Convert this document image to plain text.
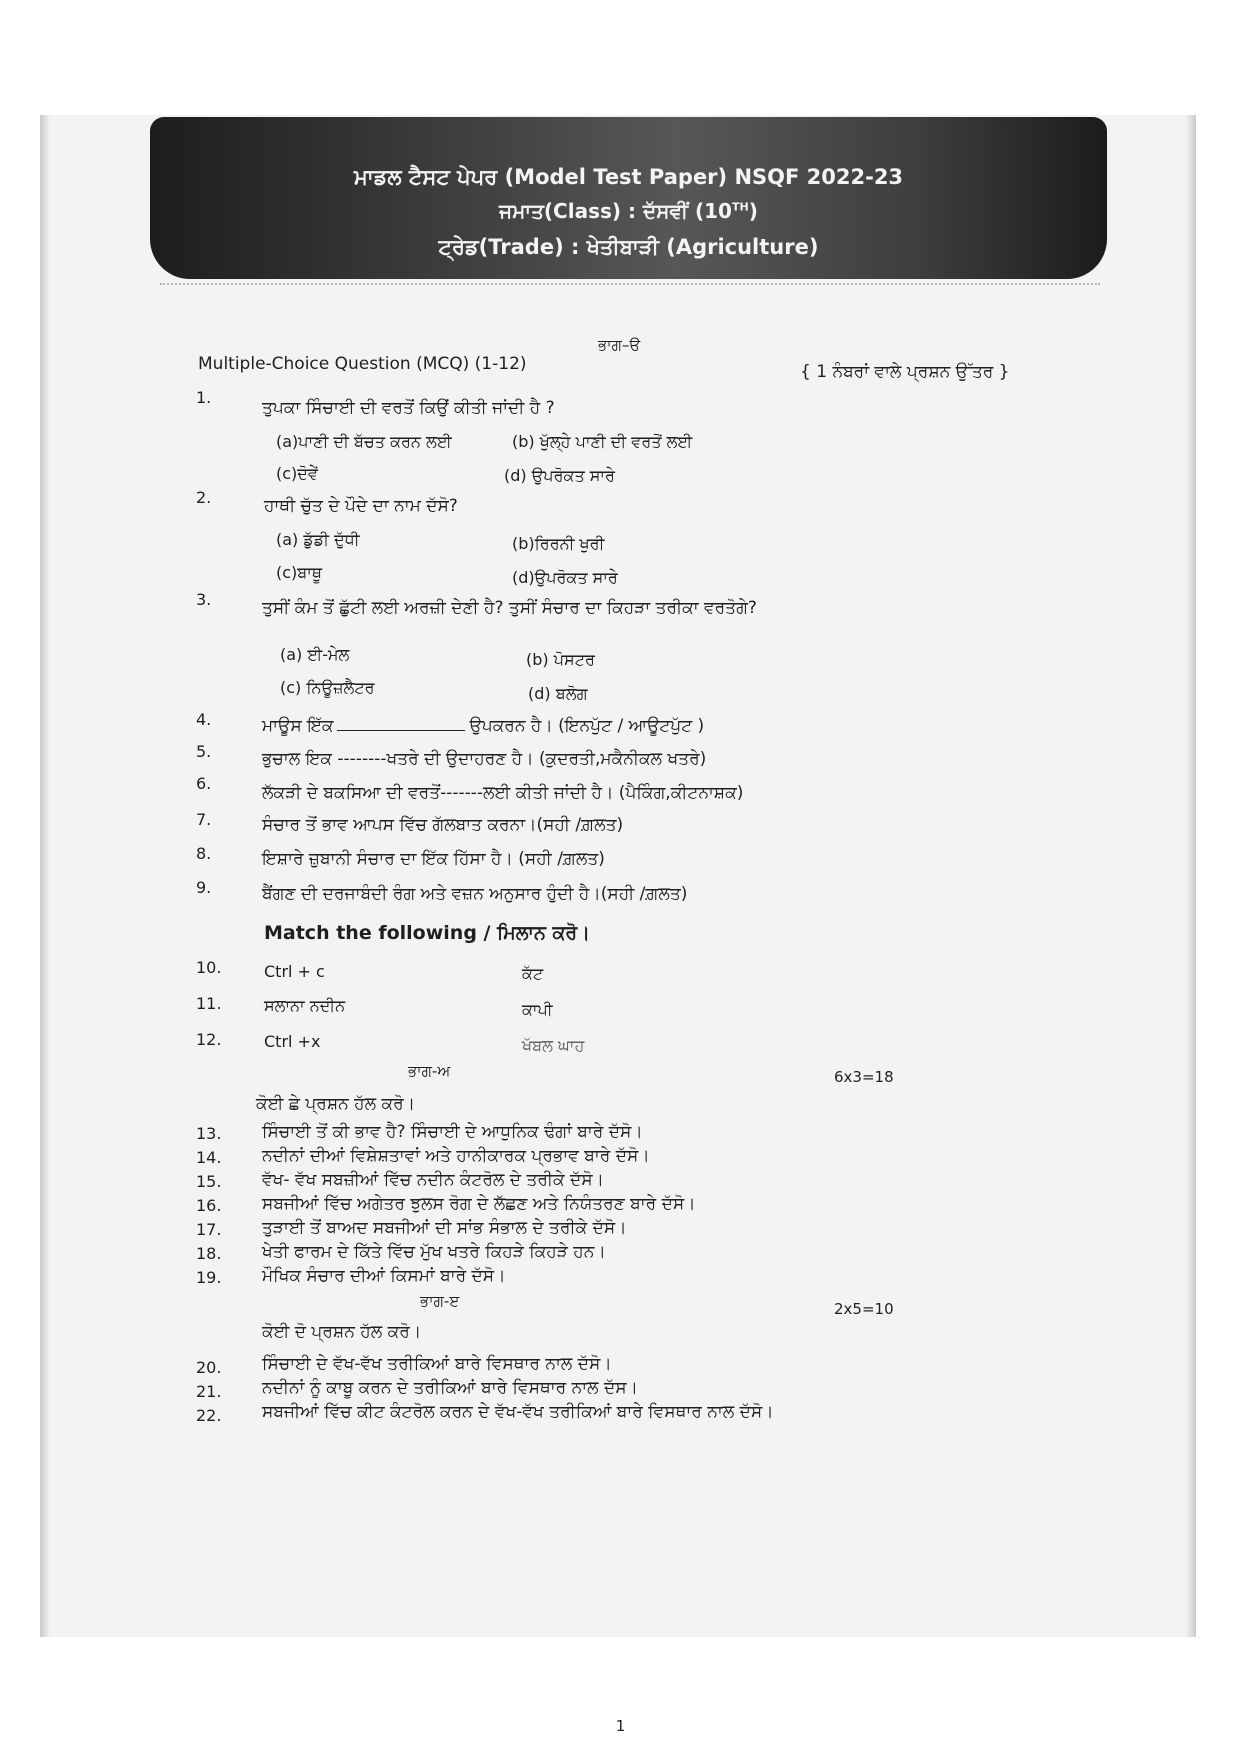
ਮਾਡਲ ਟੈਸਟ ਪੇਪਰ (Model Test Paper) NSQF 2022-23
ਜਮਾਤ(Class) : ਦੱਸਵੀਂ (10TH)
ਟ੍ਰੇਡ(Trade) : ਖੇਤੀਬਾੜੀ (Agriculture)
ਭਾਗ–ੳ
Multiple-Choice Question (MCQ) (1-12)	{ 1 ਨੰਬਰਾਂ ਵਾਲੇ ਪ੍ਰਸ਼ਨ ਉੱਤਰ }
1.
ਤੁਪਕਾ ਸਿੰਚਾਈ ਦੀ ਵਰਤੋਂ ਕਿਉਂ ਕੀਤੀ ਜਾਂਦੀ ਹੈ ?
(a)ਪਾਣੀ ਦੀ ਬੱਚਤ ਕਰਨ ਲਈ	(b) ਖੁੱਲ੍ਹੇ ਪਾਣੀ ਦੀ ਵਰਤੋਂ ਲਈ
(c)ਦੋਵੇਂ	(d) ਉਪਰੋਕਤ ਸਾਰੇ
2.	ਹਾਥੀ ਚੁੱਤ ਦੇ ਪੌਦੇ ਦਾ ਨਾਮ ਦੱਸੋ?
(a) ਡੁੱਡੀ ਦੁੱਧੀ	(b)ਰਿਰਨੀ ਖੁਰੀ
(c)ਬਾਥੂ	(d)ਉਪਰੋਕਤ ਸਾਰੇ
3.	ਤੁਸੀਂ ਕੰਮ ਤੋਂ ਛੁੱਟੀ ਲਈ ਅਰਜ਼ੀ ਦੇਣੀ ਹੈ? ਤੁਸੀਂ ਸੰਚਾਰ ਦਾ ਕਿਹੜਾ ਤਰੀਕਾ ਵਰਤੋਗੇ?
(a) ਈ-ਮੇਲ	(b) ਪੋਸਟਰ
(c) ਨਿਊਜ਼ਲੈਟਰ	(d) ਬਲੋਗ
4.	ਮਾਊਸ ਇੱਕ	ਉਪਕਰਨ ਹੈ। (ਇਨਪੁੱਟ / ਆਊਟਪੁੱਟ )
5.	ਭੁਚਾਲ ਇਕ --------ਖਤਰੇ ਦੀ ਉਦਾਹਰਣ ਹੈ। (ਕੁਦਰਤੀ,ਮਕੈਨੀਕਲ ਖਤਰੇ)
6.	ਲੱਕੜੀ ਦੇ ਬਕਸਿਆ ਦੀ ਵਰਤੋਂ-------ਲਈ ਕੀਤੀ ਜਾਂਦੀ ਹੈ। (ਪੈਕਿੰਗ,ਕੀਟਨਾਸ਼ਕ)
7.	ਸੰਚਾਰ ਤੋਂ ਭਾਵ ਆਪਸ ਵਿੱਚ ਗੱਲਬਾਤ ਕਰਨਾ।(ਸਹੀ /ਗ਼ਲਤ)
8.	ਇਸ਼ਾਰੇ ਜ਼ੁਬਾਨੀ ਸੰਚਾਰ ਦਾ ਇੱਕ ਹਿੱਸਾ ਹੈ। (ਸਹੀ /ਗ਼ਲਤ)
9.	ਬੈਂਗਣ ਦੀ ਦਰਜਾਬੰਦੀ ਰੰਗ ਅਤੇ ਵਜ਼ਨ ਅਨੁਸਾਰ ਹੁੰਦੀ ਹੈ।(ਸਹੀ /ਗ਼ਲਤ)
Match the following / ਮਿਲਾਨ ਕਰੋ।
10.	Ctrl + c	ਕੱਟ
11.	ਸਲਾਨਾ ਨਦੀਨ	ਕਾਪੀ
12.	Ctrl +x	ਖੱਬਲ ਘਾਹ
ਭਾਗ-ਅ	6x3=18
ਕੋਈ ਛੇ ਪ੍ਰਸ਼ਨ ਹੱਲ ਕਰੋ।
13. ਸਿੰਚਾਈ ਤੋਂ ਕੀ ਭਾਵ ਹੈ? ਸਿੰਚਾਈ ਦੇ ਆਧੁਨਿਕ ਢੰਗਾਂ ਬਾਰੇ ਦੱਸੋ।
14. ਨਦੀਨਾਂ ਦੀਆਂ ਵਿਸ਼ੇਸ਼ਤਾਵਾਂ ਅਤੇ ਹਾਨੀਕਾਰਕ ਪ੍ਰਭਾਵ ਬਾਰੇ ਦੱਸੋ।
15. ਵੱਖ- ਵੱਖ ਸਬਜ਼ੀਆਂ ਵਿੱਚ ਨਦੀਨ ਕੰਟਰੋਲ ਦੇ ਤਰੀਕੇ ਦੱਸੋ।
16. ਸਬਜੀਆਂ ਵਿੱਚ ਅਗੇਤਰ ਝੁਲਸ ਰੋਗ ਦੇ ਲੱਛਣ ਅਤੇ ਨਿਯੰਤਰਣ ਬਾਰੇ ਦੱਸੋ।
17. ਤੁੜਾਈ ਤੋਂ ਬਾਅਦ ਸਬਜੀਆਂ ਦੀ ਸਾਂਭ ਸੰਭਾਲ ਦੇ ਤਰੀਕੇ ਦੱਸੋ।
18. ਖੇਤੀ ਫਾਰਮ ਦੇ ਕਿੱਤੇ ਵਿੱਚ ਮੁੱਖ ਖਤਰੇ ਕਿਹੜੇ ਕਿਹੜੇ ਹਨ।
19. ਮੌਖਿਕ ਸੰਚਾਰ ਦੀਆਂ ਕਿਸਮਾਂ ਬਾਰੇ ਦੱਸੋ।
ਭਾਗ-ੲ	2x5=10
ਕੋਈ ਦੋ ਪ੍ਰਸ਼ਨ ਹੱਲ ਕਰੋ।
20. ਸਿੰਚਾਈ ਦੇ ਵੱਖ-ਵੱਖ ਤਰੀਕਿਆਂ ਬਾਰੇ ਵਿਸਥਾਰ ਨਾਲ ਦੱਸੋ।
21. ਨਦੀਨਾਂ ਨੂੰ ਕਾਬੂ ਕਰਨ ਦੇ ਤਰੀਕਿਆਂ ਬਾਰੇ ਵਿਸਥਾਰ ਨਾਲ ਦੱਸ।
22. ਸਬਜੀਆਂ ਵਿੱਚ ਕੀਟ ਕੰਟਰੋਲ ਕਰਨ ਦੇ ਵੱਖ-ਵੱਖ ਤਰੀਕਿਆਂ ਬਾਰੇ ਵਿਸਥਾਰ ਨਾਲ ਦੱਸੋ।
1
